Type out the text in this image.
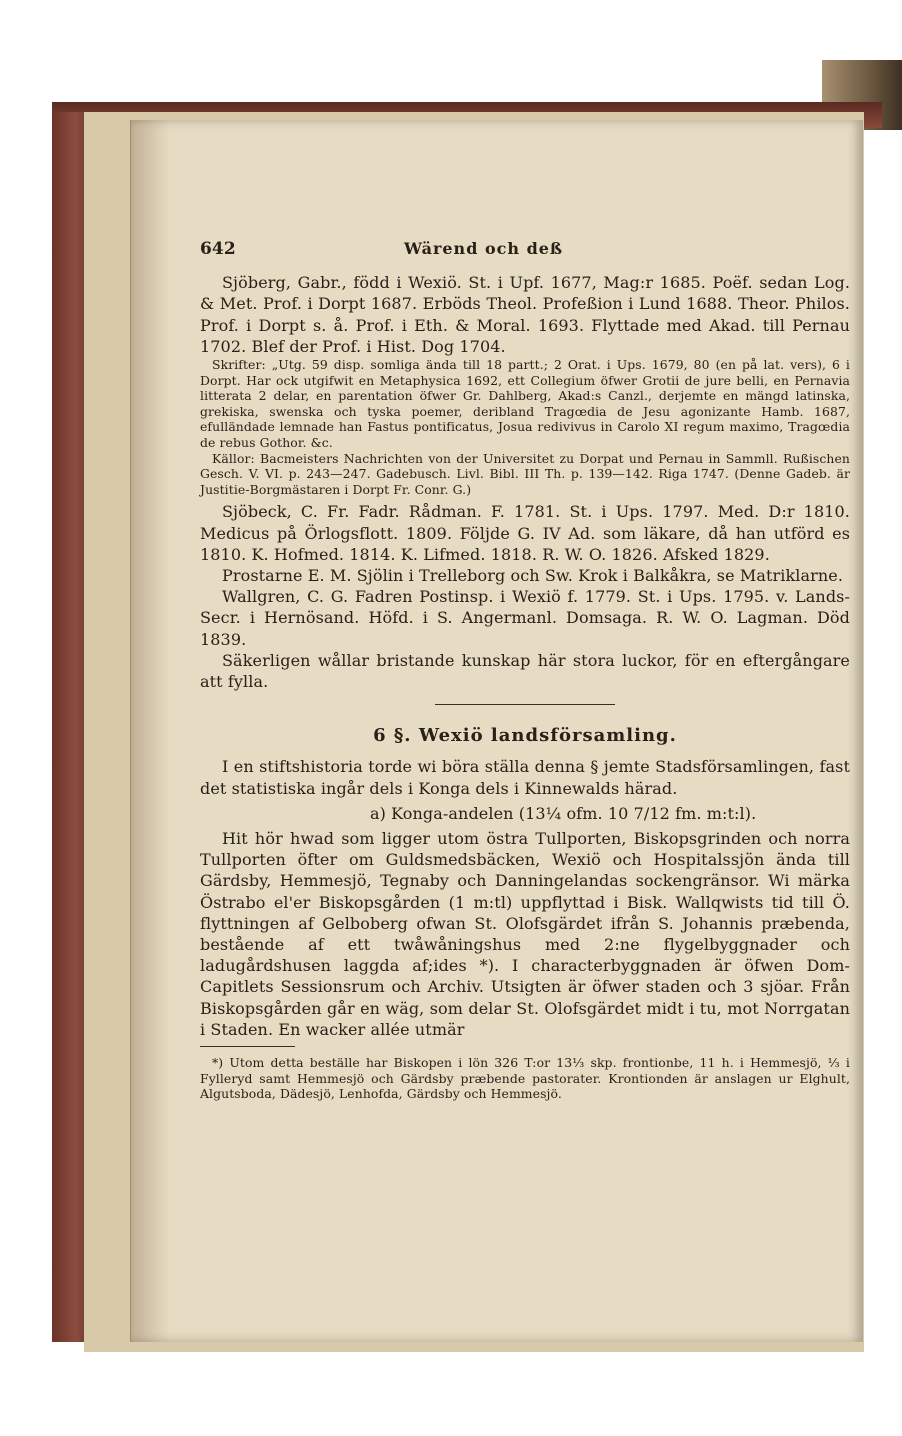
642	Wärend och deß

Sjöberg, Gabr., född i Wexiö. St. i Upf. 1677, Mag:r 1685. Poëf. sedan Log. & Met. Prof. i Dorpt 1687. Erböds Theol. Profeßion i Lund 1688. Theor. Philos. Prof. i Dorpt s. å. Prof. i Eth. & Moral. 1693. Flyttade med Akad. till Pernau 1702. Blef der Prof. i Hist. Dog 1704.

Skrifter: „Utg. 59 disp. somliga ända till 18 partt.; 2 Orat. i Ups. 1679, 80 (en på lat. vers), 6 i Dorpt. Har ock utgifwit en Metaphysica 1692, ett Collegium öfwer Grotii de jure belli, en Pernavia litterata 2 delar, en parentation öfwer Gr. Dahlberg, Akad:s Canzl., derjemte en mängd latinska, grekiska, swenska och tyska poemer, deribland Tragœdia de Jesu agonizante Hamb. 1687, efulländade lemnade han Fastus pontificatus, Josua redivivus in Carolo XI regum maximo, Tragœdia de rebus Gothor. &c.

Källor: Bacmeisters Nachrichten von der Universitet zu Dorpat und Pernau in Sammll. Rußischen Gesch. V. VI. p. 243—247. Gadebusch. Livl. Bibl. III Th. p. 139—142. Riga 1747. (Denne Gadeb. är Justitie-Borgmästaren i Dorpt Fr. Conr. G.)

Sjöbeck, C. Fr. Fadr. Rådman. F. 1781. St. i Ups. 1797. Med. D:r 1810. Medicus på Örlogsflott. 1809. Följde G. IV Ad. som läkare, då han utförd es 1810. K. Hofmed. 1814. K. Lifmed. 1818. R. W. O. 1826. Afsked 1829.

Prostarne E. M. Sjölin i Trelleborg och Sw. Krok i Balkåkra, se Matriklarne.

Wallgren, C. G. Fadren Postinsp. i Wexiö f. 1779. St. i Ups. 1795. v. Lands-Secr. i Hernösand. Höfd. i S. Angermanl. Domsaga. R. W. O. Lagman. Död 1839.

Säkerligen wållar bristande kunskap här stora luckor, för en eftergångare att fylla.

6 §. Wexiö landsförsamling.

I en stiftshistoria torde wi böra ställa denna § jemte Stadsförsamlingen, fast det statistiska ingår dels i Konga dels i Kinnewalds härad.

a) Konga-andelen (13¼ ofm. 10 7/12 fm. m:t:l).

Hit hör hwad som ligger utom östra Tullporten, Biskopsgrinden och norra Tullporten öfter om Guldsmedsbäcken, Wexiö och Hospitalssjön ända till Gärdsby, Hemmesjö, Tegnaby och Danningelandas sockengränsor. Wi märka Östrabo el'er Biskopsgården (1 m:tl) uppflyttad i Bisk. Wallqwists tid till Ö. flyttningen af Gelboberg ofwan St. Olofsgärdet ifrån S. Johannis præbenda, bestående af ett twåwåningshus med 2:ne flygelbyggnader och ladugårdshusen laggda af;ides *). I characterbyggnaden är öfwen Dom-Capitlets Sessionsrum och Archiv. Utsigten är öfwer staden och 3 sjöar. Från Biskopsgården går en wäg, som delar St. Olofsgärdet midt i tu, mot Norrgatan i Staden. En wacker allée utmär

*) Utom detta beställe har Biskopen i lön 326 T:or 13⅓ skp. frontionbe, 11 h. i Hemmesjö, ⅓ i Fylleryd samt Hemmesjö och Gärdsby præbende pastorater. Krontionden är anslagen ur Elghult, Algutsboda, Dädesjö, Lenhofda, Gärdsby och Hemmesjö.
